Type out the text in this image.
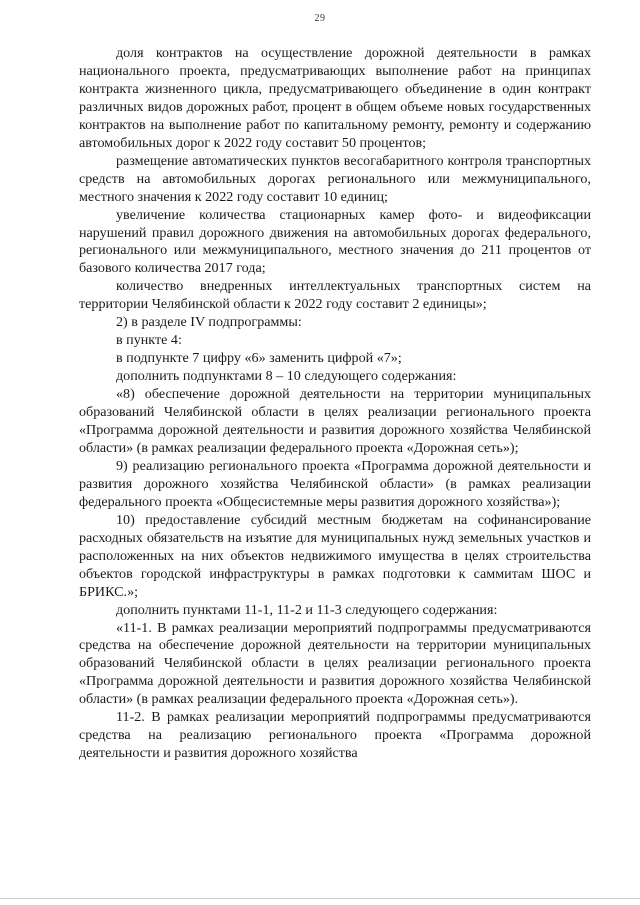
29

доля контрактов на осуществление дорожной деятельности в рамках национального проекта, предусматривающих выполнение работ на принципах контракта жизненного цикла, предусматривающего объединение в один контракт различных видов дорожных работ, процент в общем объеме новых государственных контрактов на выполнение работ по капитальному ремонту, ремонту и содержанию автомобильных дорог к 2022 году составит 50 процентов;

размещение автоматических пунктов весогабаритного контроля транспортных средств на автомобильных дорогах регионального или межмуниципального, местного значения к 2022 году составит 10 единиц;

увеличение количества стационарных камер фото- и видеофиксации нарушений правил дорожного движения на автомобильных дорогах федерального, регионального или межмуниципального, местного значения до 211 процентов от базового количества 2017 года;

количество внедренных интеллектуальных транспортных систем на территории Челябинской области к 2022 году составит 2 единицы»;

2) в разделе IV подпрограммы:

в пункте 4:

в подпункте 7 цифру «6» заменить цифрой «7»;

дополнить подпунктами 8 – 10 следующего содержания:

«8) обеспечение дорожной деятельности на территории муниципальных образований Челябинской области в целях реализации регионального проекта «Программа дорожной деятельности и развития дорожного хозяйства Челябинской области» (в рамках реализации федерального проекта «Дорожная сеть»);

9) реализацию регионального проекта «Программа дорожной деятельности и развития дорожного хозяйства Челябинской области» (в рамках реализации федерального проекта «Общесистемные меры развития дорожного хозяйства»);

10) предоставление субсидий местным бюджетам на софинансирование расходных обязательств на изъятие для муниципальных нужд земельных участков и расположенных на них объектов недвижимого имущества в целях строительства объектов городской инфраструктуры в рамках подготовки к саммитам ШОС и БРИКС.»;

дополнить пунктами 11-1, 11-2 и 11-3 следующего содержания:

«11-1. В рамках реализации мероприятий подпрограммы предусматриваются средства на обеспечение дорожной деятельности на территории муниципальных образований Челябинской области в целях реализации регионального проекта «Программа дорожной деятельности и развития дорожного хозяйства Челябинской области» (в рамках реализации федерального проекта «Дорожная сеть»).

11-2. В рамках реализации мероприятий подпрограммы предусматриваются средства на реализацию регионального проекта «Программа дорожной деятельности и развития дорожного хозяйства
